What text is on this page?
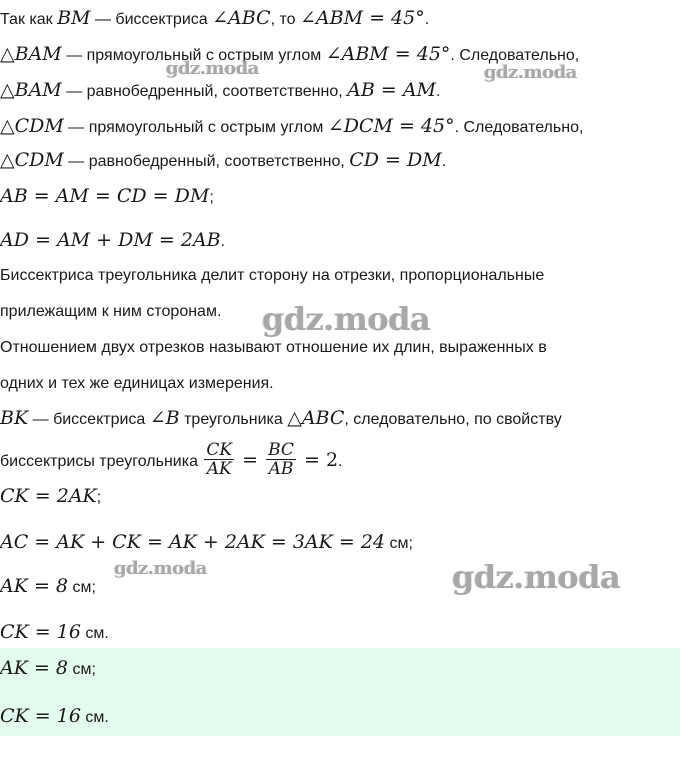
Так как BM — биссектриса ∠ABC, то ∠ABM = 45°.
△BAM — прямоугольный с острым углом ∠ABM = 45°. Следовательно,
△BAM — равнобедренный, соответственно, AB = AM.
△CDM — прямоугольный с острым углом ∠DCM = 45°. Следовательно,
△CDM — равнобедренный, соответственно, CD = DM.
AB = AM = CD = DM;
AD = AM + DM = 2AB.
Биссектриса треугольника делит сторону на отрезки, пропорциональные
прилежащим к ним сторонам.
Отношением двух отрезков называют отношение их длин, выраженных в
одних и тех же единицах измерения.
BK — биссектриса ∠B треугольника △ABC, следовательно, по свойству
биссектрисы треугольника $\frac{CK}{AK} = \frac{BC}{AB} = 2$.
CK = 2AK;
AC = AK + CK = AK + 2AK = 3AK = 24 см;
AK = 8 см;
CK = 16 см.
AK = 8 см;
CK = 16 см.
gdz.moda	gdz.moda
gdz.moda
gdz.moda	gdz.moda
